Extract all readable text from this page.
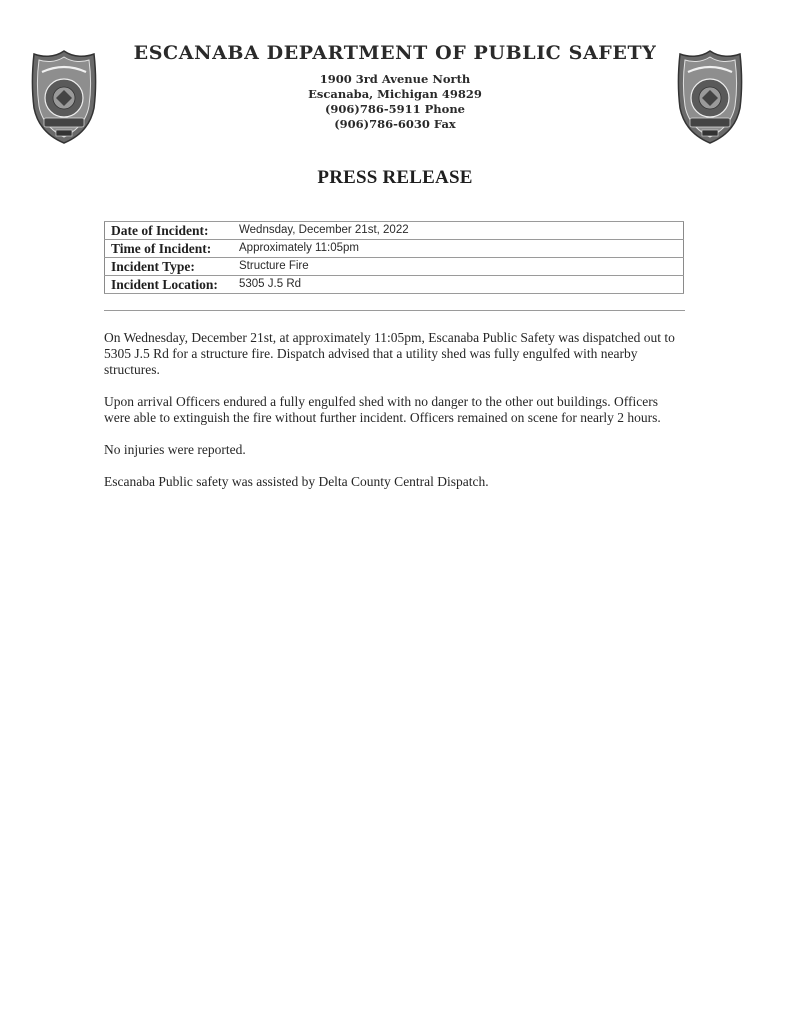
ESCANABA DEPARTMENT OF PUBLIC SAFETY
1900 3rd Avenue North
Escanaba, Michigan 49829
(906)786-5911 Phone
(906)786-6030 Fax
PRESS RELEASE
Date of Incident:	Wednsday, December 21st, 2022
Time of Incident:	Approximately 11:05pm
Incident Type:	Structure Fire
Incident Location:	5305 J.5 Rd

On Wednesday, December 21st, at approximately 11:05pm, Escanaba Public Safety was dispatched out to 5305 J.5 Rd for a structure fire. Dispatch advised that a utility shed was fully engulfed with nearby structures.

Upon arrival Officers endured a fully engulfed shed with no danger to the other out buildings. Officers were able to extinguish the fire without further incident. Officers remained on scene for nearly 2 hours.

No injuries were reported.

Escanaba Public safety was assisted by Delta County Central Dispatch.
